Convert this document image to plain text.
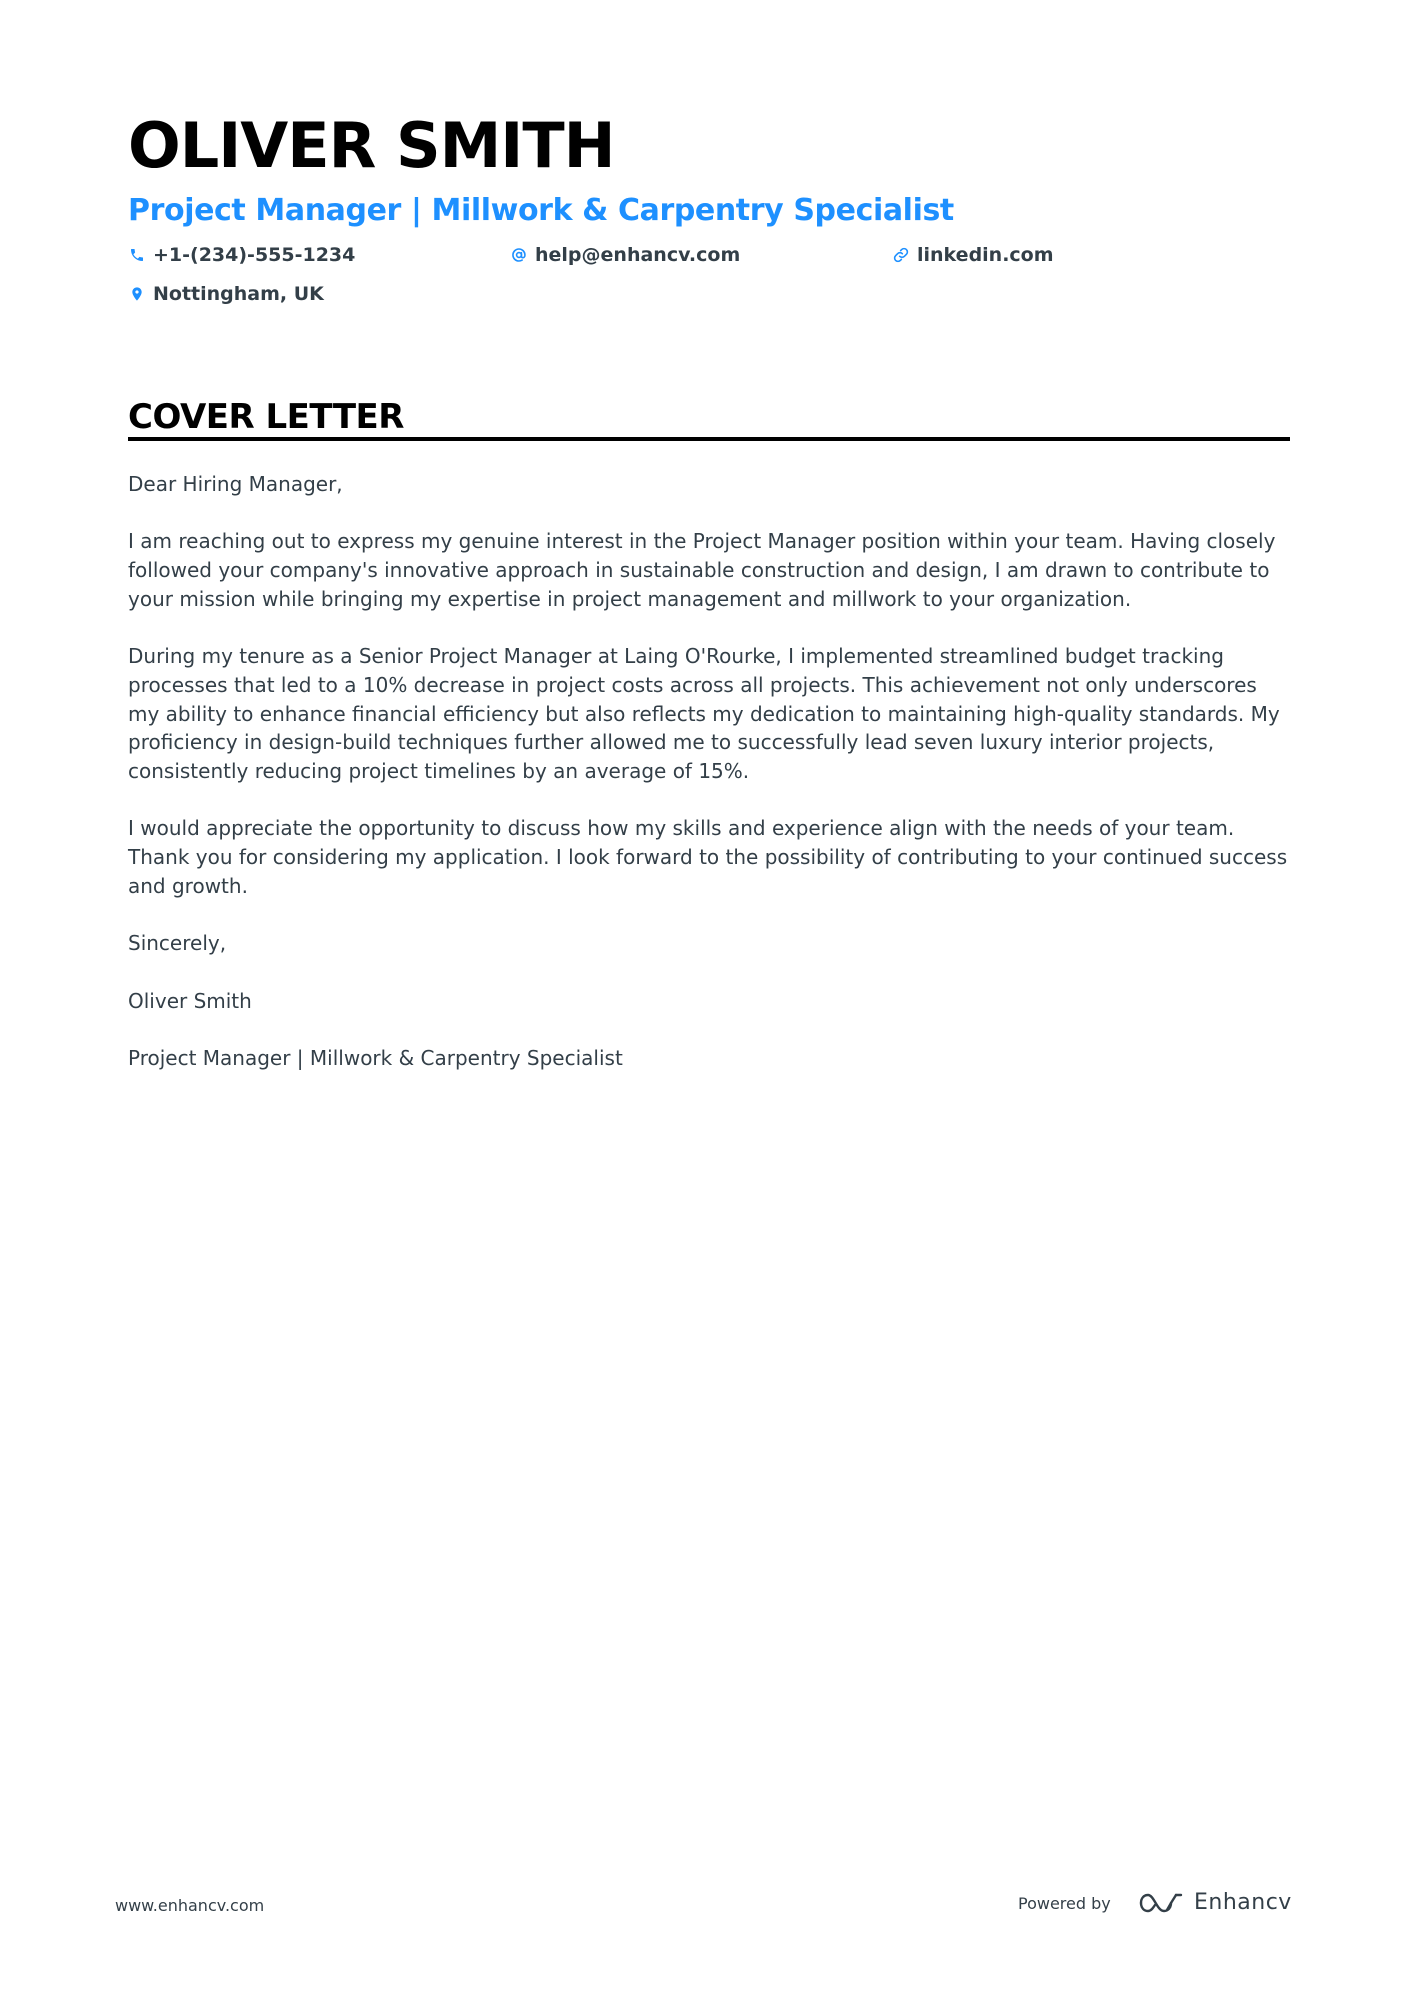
OLIVER SMITH
Project Manager | Millwork & Carpentry Specialist
+1-(234)-555-1234	help@enhancv.com	linkedin.com
Nottingham, UK
COVER LETTER

Dear Hiring Manager,

I am reaching out to express my genuine interest in the Project Manager position within your team. Having closely followed your company's innovative approach in sustainable construction and design, I am drawn to contribute to your mission while bringing my expertise in project management and millwork to your organization.

During my tenure as a Senior Project Manager at Laing O'Rourke, I implemented streamlined budget tracking processes that led to a 10% decrease in project costs across all projects. This achievement not only underscores my ability to enhance financial efficiency but also reflects my dedication to maintaining high-quality standards. My proficiency in design-build techniques further allowed me to successfully lead seven luxury interior projects, consistently reducing project timelines by an average of 15%.

I would appreciate the opportunity to discuss how my skills and experience align with the needs of your team. Thank you for considering my application. I look forward to the possibility of contributing to your continued success and growth.

Sincerely,

Oliver Smith

Project Manager | Millwork & Carpentry Specialist

www.enhancv.com	Powered by	Enhancv
